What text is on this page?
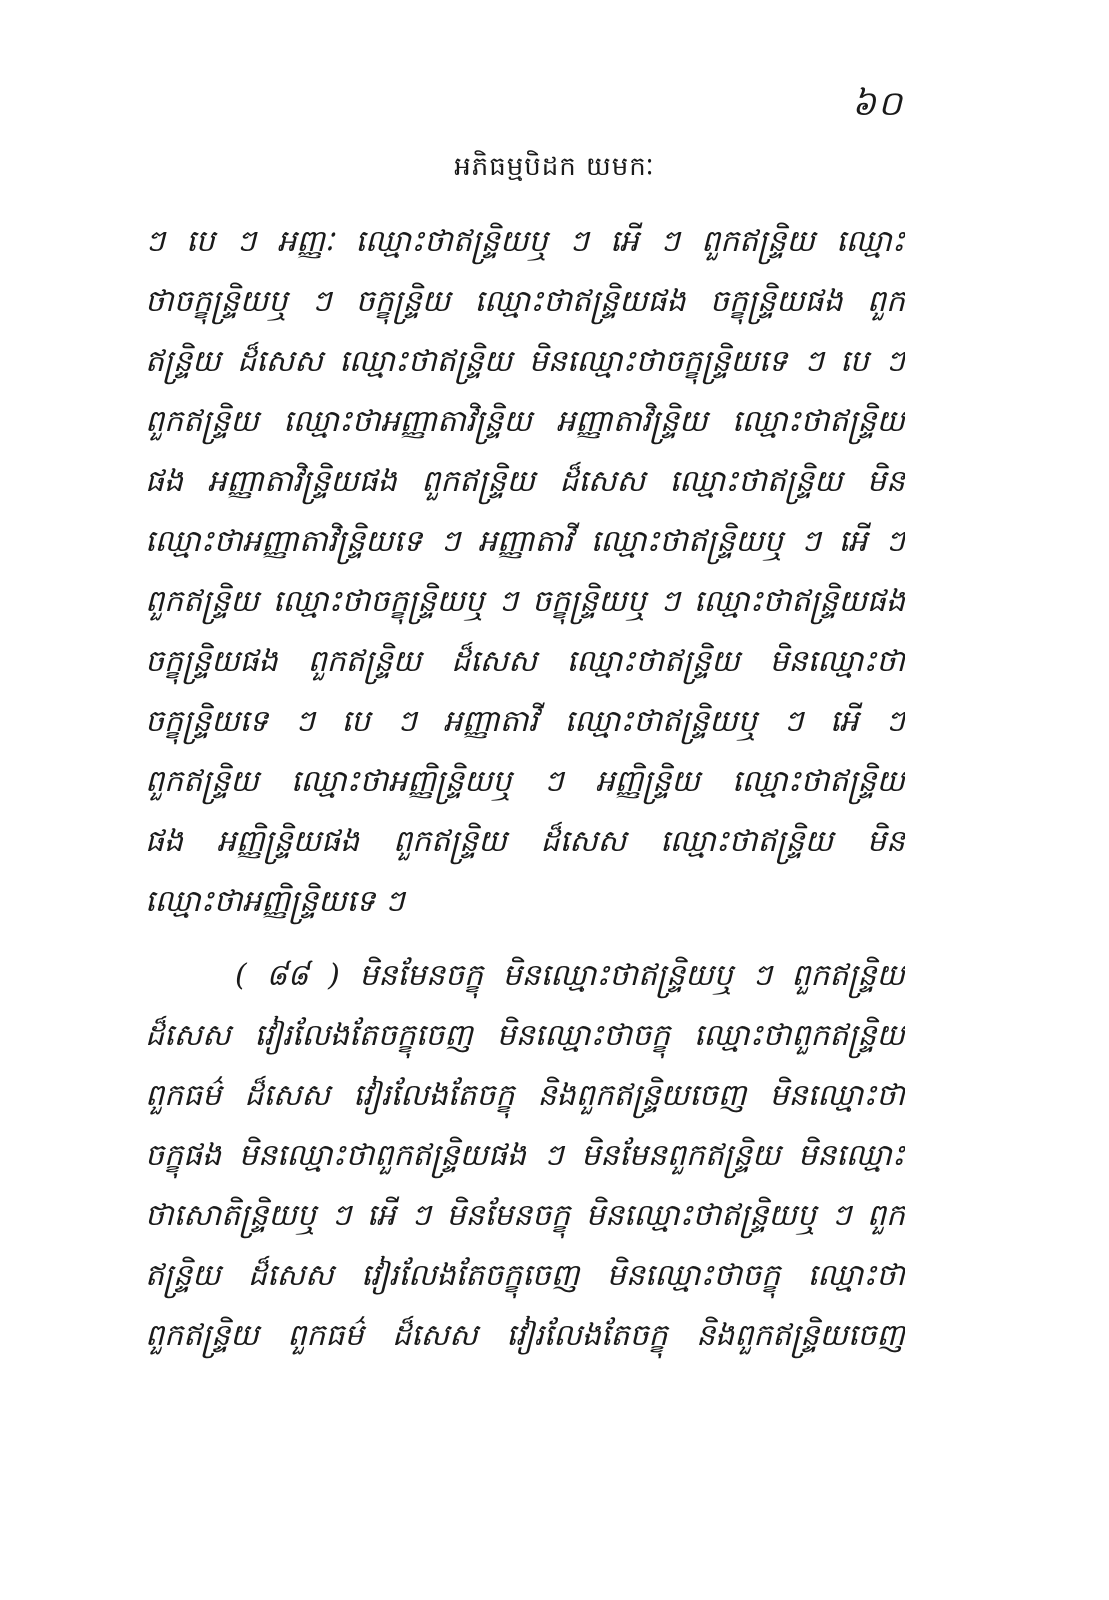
៦០
អភិធម្មបិដក យមកៈ
ៗ បេ ៗ អញ្ញៈ ឈ្មោះថាឥន្ទ្រិយឬ ៗ អើ ៗ ពួកឥន្ទ្រិយ ឈ្មោះ
ថាចក្ខុន្ទ្រិយឬ ៗ ចក្ខុន្ទ្រិយ ឈ្មោះថាឥន្ទ្រិយផង ចក្ខុន្ទ្រិយផង ពួក
ឥន្ទ្រិយ ដ៏សេស ឈ្មោះថាឥន្ទ្រិយ មិនឈ្មោះថាចក្ខុន្ទ្រិយទេ ៗ បេ ៗ
ពួកឥន្ទ្រិយ ឈ្មោះថាអញ្ញាតាវិន្ទ្រិយ អញ្ញាតាវិន្ទ្រិយ ឈ្មោះថាឥន្ទ្រិយ
ផង អញ្ញាតាវិន្ទ្រិយផង ពួកឥន្ទ្រិយ ដ៏សេស ឈ្មោះថាឥន្ទ្រិយ មិន
ឈ្មោះថាអញ្ញាតាវិន្ទ្រិយទេ ៗ អញ្ញាតាវី ឈ្មោះថាឥន្ទ្រិយឬ ៗ អើ ៗ
ពួកឥន្ទ្រិយ ឈ្មោះថាចក្ខុន្ទ្រិយឬ ៗ ចក្ខុន្ទ្រិយឬ ៗ ឈ្មោះថាឥន្ទ្រិយផង
ចក្ខុន្ទ្រិយផង ពួកឥន្ទ្រិយ ដ៏សេស ឈ្មោះថាឥន្ទ្រិយ មិនឈ្មោះថា
ចក្ខុន្ទ្រិយទេ ៗ បេ ៗ អញ្ញាតាវី ឈ្មោះថាឥន្ទ្រិយឬ ៗ អើ ៗ
ពួកឥន្ទ្រិយ ឈ្មោះថាអញ្ញិន្ទ្រិយឬ ៗ អញ្ញិន្ទ្រិយ ឈ្មោះថាឥន្ទ្រិយ
ផង អញ្ញិន្ទ្រិយផង ពួកឥន្ទ្រិយ ដ៏សេស ឈ្មោះថាឥន្ទ្រិយ មិន
ឈ្មោះថាអញ្ញិន្ទ្រិយទេ ៗ
( ៨៨ ) មិនមែនចក្ខុ មិនឈ្មោះថាឥន្ទ្រិយឬ ៗ ពួកឥន្ទ្រិយ
ដ៏សេស វៀរលែងតែចក្ខុចេញ មិនឈ្មោះថាចក្ខុ ឈ្មោះថាពួកឥន្ទ្រិយ
ពួកធម៌ ដ៏សេស វៀរលែងតែចក្ខុ និងពួកឥន្ទ្រិយចេញ មិនឈ្មោះថា
ចក្ខុផង មិនឈ្មោះថាពួកឥន្ទ្រិយផង ៗ មិនមែនពួកឥន្ទ្រិយ មិនឈ្មោះ
ថាសោតិន្ទ្រិយឬ ៗ អើ ៗ មិនមែនចក្ខុ មិនឈ្មោះថាឥន្ទ្រិយឬ ៗ ពួក
ឥន្ទ្រិយ ដ៏សេស វៀរលែងតែចក្ខុចេញ មិនឈ្មោះថាចក្ខុ ឈ្មោះថា
ពួកឥន្ទ្រិយ ពួកធម៌ ដ៏សេស វៀរលែងតែចក្ខុ និងពួកឥន្ទ្រិយចេញ
